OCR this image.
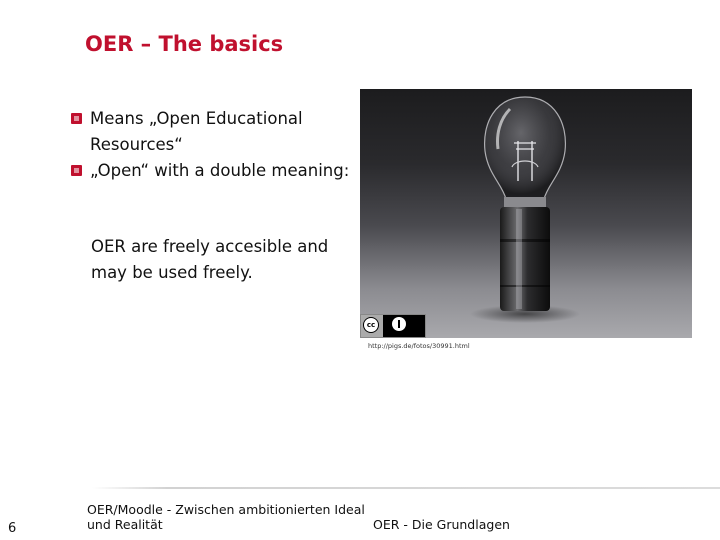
OER – The basics
Means „Open Educational Resources“
„Open“ with a double meaning:
OER are freely accesible and may be used freely.
cc
http://pigs.de/fotos/30991.html
6
OER/Moodle - Zwischen ambitionierten Ideal und Realität	OER - Die Grundlagen
